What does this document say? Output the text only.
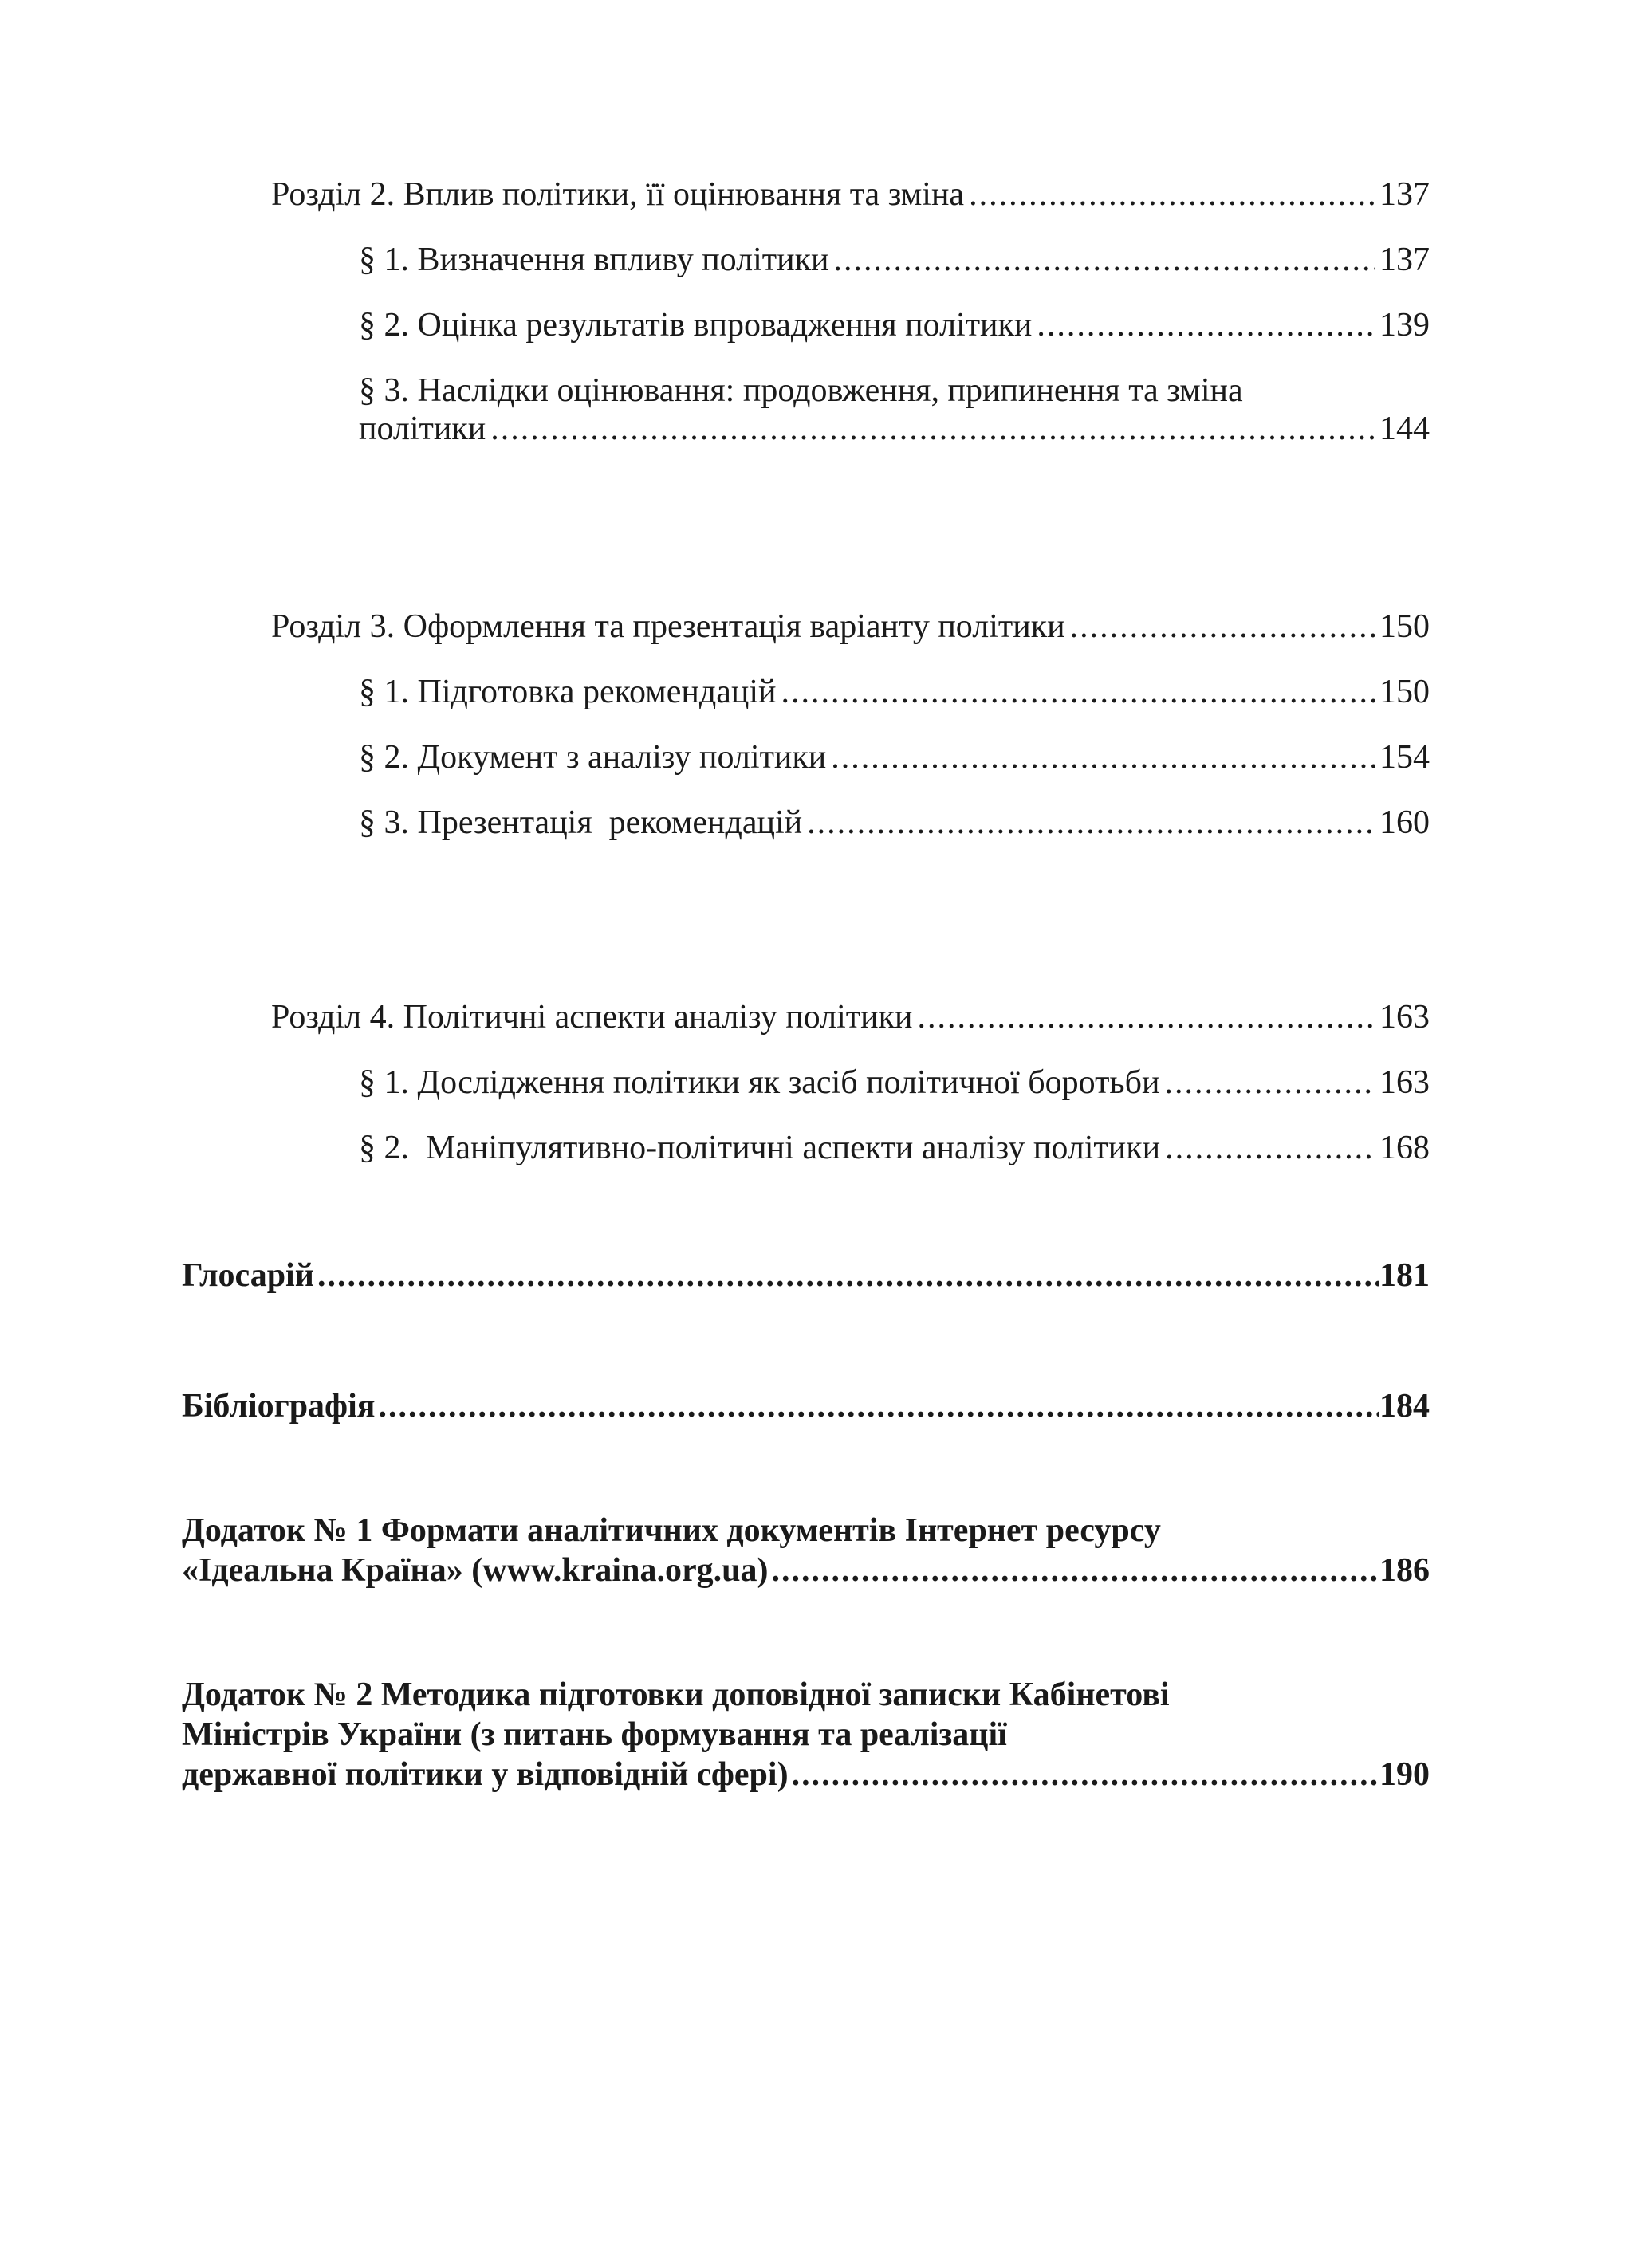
Розділ 2. Вплив політики, її оцінювання та зміна .....	137
§ 1. Визначення впливу політики .....	137
§ 2. Оцінка результатів впровадження політики .....	139
§ 3. Наслідки оцінювання: продовження, припинення та зміна
політики .....	144
Розділ 3. Оформлення та презентація варіанту політики .....	150
§ 1. Підготовка рекомендацій .....	150
§ 2. Документ з аналізу політики .....	154
§ 3. Презентація  рекомендацій .....	160
Розділ 4. Політичні аспекти аналізу політики .....	163
§ 1. Дослідження політики як засіб політичної боротьби .....	163
§ 2.  Маніпулятивно-політичні аспекти аналізу політики .....	168
Глосарій .....	181
Бібліографія .....	184
Додаток № 1 Формати аналітичних документів Інтернет ресурсу
«Ідеальна Країна» (www.kraina.org.ua) .....	186
Додаток № 2 Методика підготовки доповідної записки Кабінетові
Міністрів України (з питань формування та реалізації
державної політики у відповідній сфері) .....	190
